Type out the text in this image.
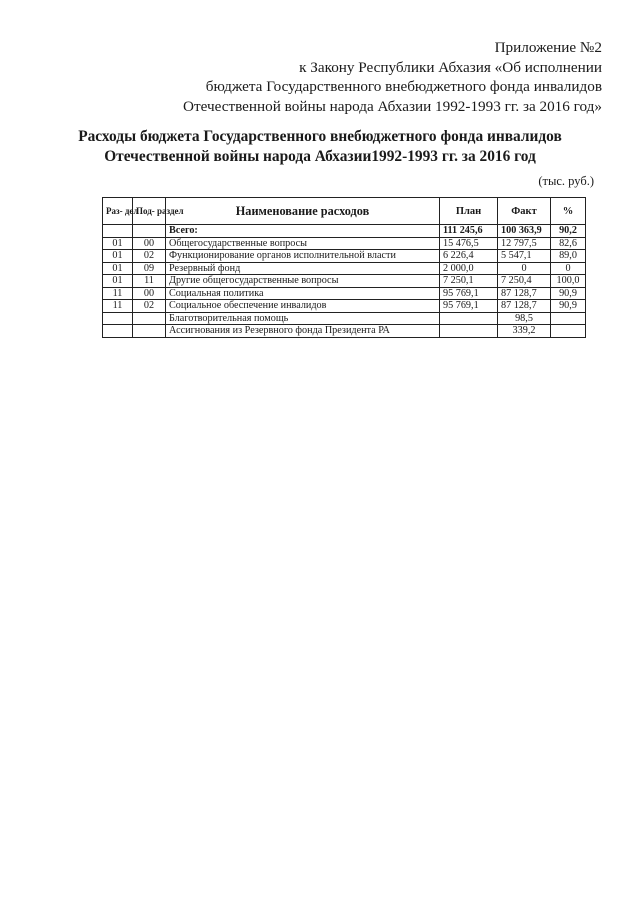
Приложение №2
к Закону Республики Абхазия «Об исполнении
бюджета Государственного внебюджетного фонда инвалидов
Отечественной войны народа Абхазии 1992-1993 гг. за 2016 год»
Расходы бюджета Государственного внебюджетного фонда инвалидов
Отечественной войны народа Абхазии1992-1993 гг. за 2016 год
(тыс. руб.)
Раз- дел	Под- раздел	Наименование расходов	План	Факт	%
		Всего:	111 245,6	100 363,9	90,2
01	00	Общегосударственные вопросы	15 476,5	12 797,5	82,6
01	02	Функционирование органов исполнительной власти	6 226,4	5 547,1	89,0
01	09	Резервный фонд	2 000,0	0	0
01	11	Другие общегосударственные вопросы	7 250,1	7 250,4	100,0
11	00	Социальная политика	95 769,1	87 128,7	90,9
11	02	Социальное обеспечение инвалидов	95 769,1	87 128,7	90,9
		Благотворительная помощь		98,5	
		Ассигнования из Резервного фонда Президента РА		339,2	
